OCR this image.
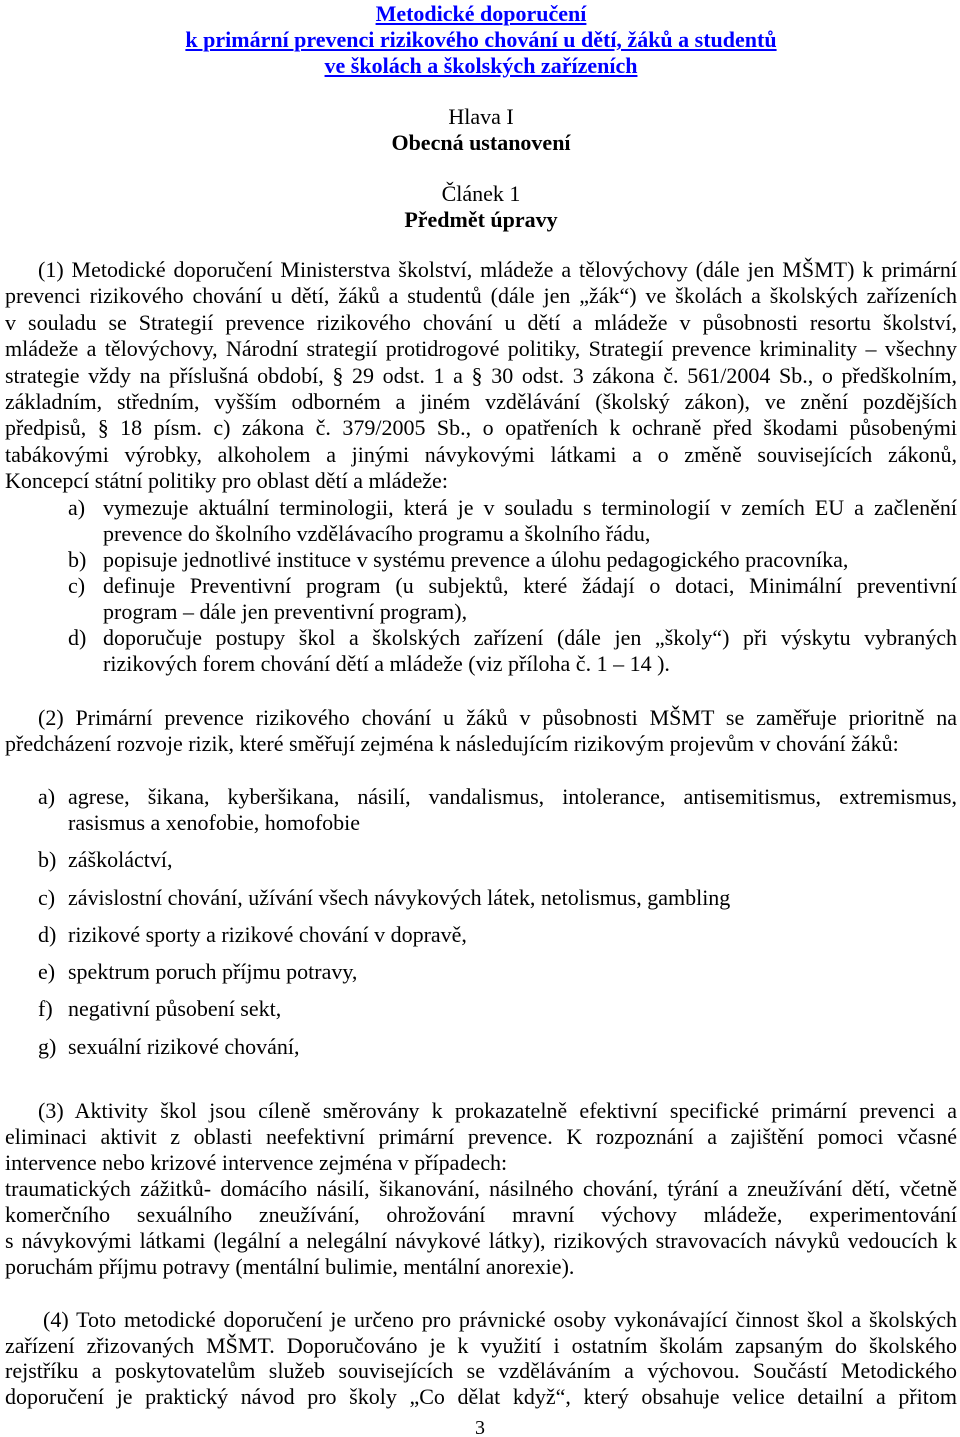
Metodické doporučení
k primární prevenci rizikového chování u dětí, žáků a studentů
ve školách a školských zařízeních
Hlava I
Obecná ustanovení
Článek 1
Předmět úpravy
(1) Metodické doporučení Ministerstva školství, mládeže a tělovýchovy (dále jen MŠMT) k primární
prevenci rizikového chování u dětí, žáků a studentů (dále jen „žák“) ve školách a školských zařízeních
v souladu se Strategií prevence rizikového chování u dětí a mládeže v působnosti resortu školství,
mládeže a tělovýchovy, Národní strategií protidrogové politiky, Strategií prevence kriminality – všechny
strategie vždy na příslušná období, § 29 odst. 1 a § 30 odst. 3 zákona č. 561/2004 Sb., o předškolním,
základním, středním, vyšším odborném a jiném vzdělávání (školský zákon), ve znění pozdějších
předpisů, § 18 písm. c) zákona č. 379/2005 Sb., o opatřeních k ochraně před škodami působenými
tabákovými výrobky, alkoholem a jinými návykovými látkami a o změně souvisejících zákonů,
Koncepcí státní politiky pro oblast dětí a mládeže:
a) vymezuje aktuální terminologii, která je v souladu s terminologií v zemích EU a začlenění
prevence do školního vzdělávacího programu a školního řádu,
b) popisuje jednotlivé instituce v systému prevence a úlohu pedagogického pracovníka,
c) definuje Preventivní program (u subjektů, které žádají o dotaci, Minimální preventivní
program – dále jen preventivní program),
d) doporučuje postupy škol a školských zařízení (dále jen „školy“) při výskytu vybraných
rizikových forem chování dětí a mládeže (viz příloha č. 1 – 14 ).
(2) Primární prevence rizikového chování u žáků v působnosti MŠMT se zaměřuje prioritně na
předcházení rozvoje rizik, které směřují zejména k následujícím rizikovým projevům v chování žáků:
a) agrese, šikana, kyberšikana, násilí, vandalismus, intolerance, antisemitismus, extremismus,
rasismus a xenofobie, homofobie
b) záškoláctví,
c) závislostní chování, užívání všech návykových látek, netolismus, gambling
d) rizikové sporty a rizikové chování v dopravě,
e) spektrum poruch příjmu potravy,
f) negativní působení sekt,
g) sexuální rizikové chování,
(3) Aktivity škol jsou cíleně směrovány k prokazatelně efektivní specifické primární prevenci a
eliminaci aktivit z oblasti neefektivní primární prevence. K rozpoznání a zajištění pomoci včasné
intervence nebo krizové intervence zejména v případech:
traumatických zážitků- domácího násilí, šikanování, násilného chování, týrání a zneužívání dětí, včetně
komerčního sexuálního zneužívání, ohrožování mravní výchovy mládeže, experimentování
s návykovými látkami (legální a nelegální návykové látky), rizikových stravovacích návyků vedoucích k
poruchám příjmu potravy (mentální bulimie, mentální anorexie).
(4) Toto metodické doporučení je určeno pro právnické osoby vykonávající činnost škol a školských
zařízení zřizovaných MŠMT. Doporučováno je k využití i ostatním školám zapsaným do školského
rejstříku a poskytovatelům služeb souvisejících se vzděláváním a výchovou. Součástí Metodického
doporučení je praktický návod pro školy „Co dělat když“, který obsahuje velice detailní a přitom
3
